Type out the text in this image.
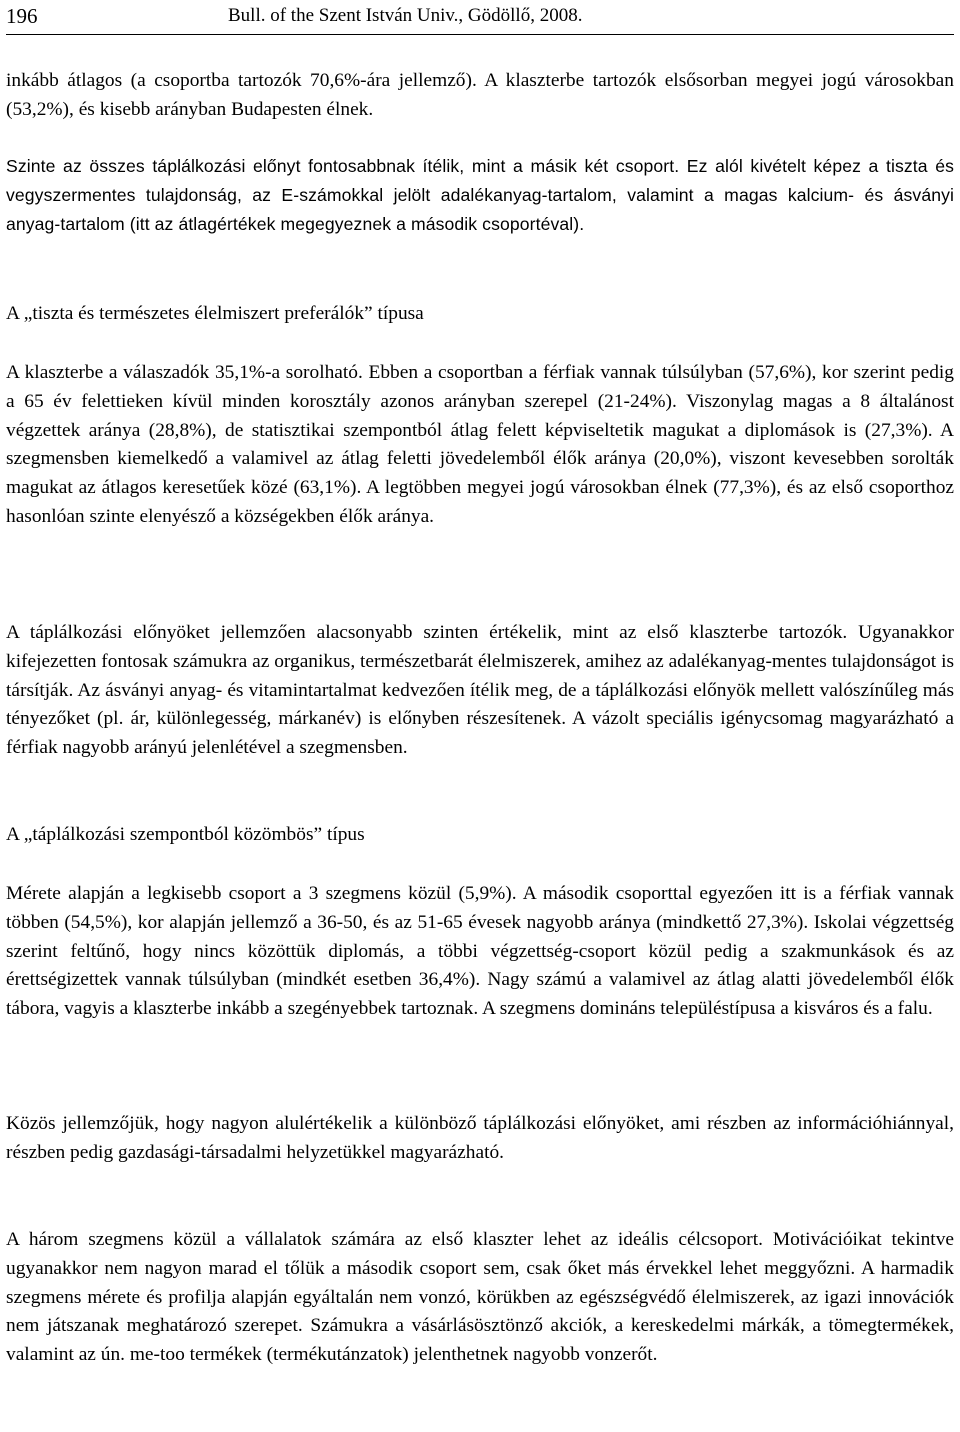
196	Bull. of the Szent István Univ., Gödöllő, 2008.

inkább átlagos (a csoportba tartozók 70,6%-ára jellemző). A klaszterbe tartozók elsősorban megyei jogú városokban (53,2%), és kisebb arányban Budapesten élnek.

Szinte az összes táplálkozási előnyt fontosabbnak ítélik, mint a másik két csoport. Ez alól kivételt képez a tiszta és vegyszermentes tulajdonság, az E-számokkal jelölt adalékanyag-tartalom, valamint a magas kalcium- és ásványi anyag-tartalom (itt az átlagértékek megegyeznek a második csoportéval).

A „tiszta és természetes élelmiszert preferálók” típusa

A klaszterbe a válaszadók 35,1%-a sorolható. Ebben a csoportban a férfiak vannak túlsúlyban (57,6%), kor szerint pedig a 65 év felettieken kívül minden korosztály azonos arányban szerepel (21-24%). Viszonylag magas a 8 általánost végzettek aránya (28,8%), de statisztikai szempontból átlag felett képviseltetik magukat a diplomások is (27,3%). A szegmensben kiemelkedő a valamivel az átlag feletti jövedelemből élők aránya (20,0%), viszont kevesebben sorolták magukat az átlagos keresetűek közé (63,1%). A legtöbben megyei jogú városokban élnek (77,3%), és az első csoporthoz hasonlóan szinte elenyésző a községekben élők aránya.

A táplálkozási előnyöket jellemzően alacsonyabb szinten értékelik, mint az első klaszterbe tartozók. Ugyanakkor kifejezetten fontosak számukra az organikus, természetbarát élelmiszerek, amihez az adalékanyag-mentes tulajdonságot is társítják. Az ásványi anyag- és vitamintartalmat kedvezően ítélik meg, de a táplálkozási előnyök mellett valószínűleg más tényezőket (pl. ár, különlegesség, márkanév) is előnyben részesítenek. A vázolt speciális igénycsomag magyarázható a férfiak nagyobb arányú jelenlétével a szegmensben.

A „táplálkozási szempontból közömbös” típus

Mérete alapján a legkisebb csoport a 3 szegmens közül (5,9%). A második csoporttal egyezően itt is a férfiak vannak többen (54,5%), kor alapján jellemző a 36-50, és az 51-65 évesek nagyobb aránya (mindkettő 27,3%). Iskolai végzettség szerint feltűnő, hogy nincs közöttük diplomás, a többi végzettség-csoport közül pedig a szakmunkások és az érettségizettek vannak túlsúlyban (mindkét esetben 36,4%). Nagy számú a valamivel az átlag alatti jövedelemből élők tábora, vagyis a klaszterbe inkább a szegényebbek tartoznak. A szegmens domináns településtípusa a kisváros és a falu.

Közös jellemzőjük, hogy nagyon alulértékelik a különböző táplálkozási előnyöket, ami részben az információhiánnyal, részben pedig gazdasági-társadalmi helyzetükkel magyarázható.

A három szegmens közül a vállalatok számára az első klaszter lehet az ideális célcsoport. Motivációikat tekintve ugyanakkor nem nagyon marad el tőlük a második csoport sem, csak őket más érvekkel lehet meggyőzni. A harmadik szegmens mérete és profilja alapján egyáltalán nem vonzó, körükben az egészségvédő élelmiszerek, az igazi innovációk nem játszanak meghatározó szerepet. Számukra a vásárlásösztönző akciók, a kereskedelmi márkák, a tömegtermékek, valamint az ún. me-too termékek (termékutánzatok) jelenthetnek nagyobb vonzerőt.
